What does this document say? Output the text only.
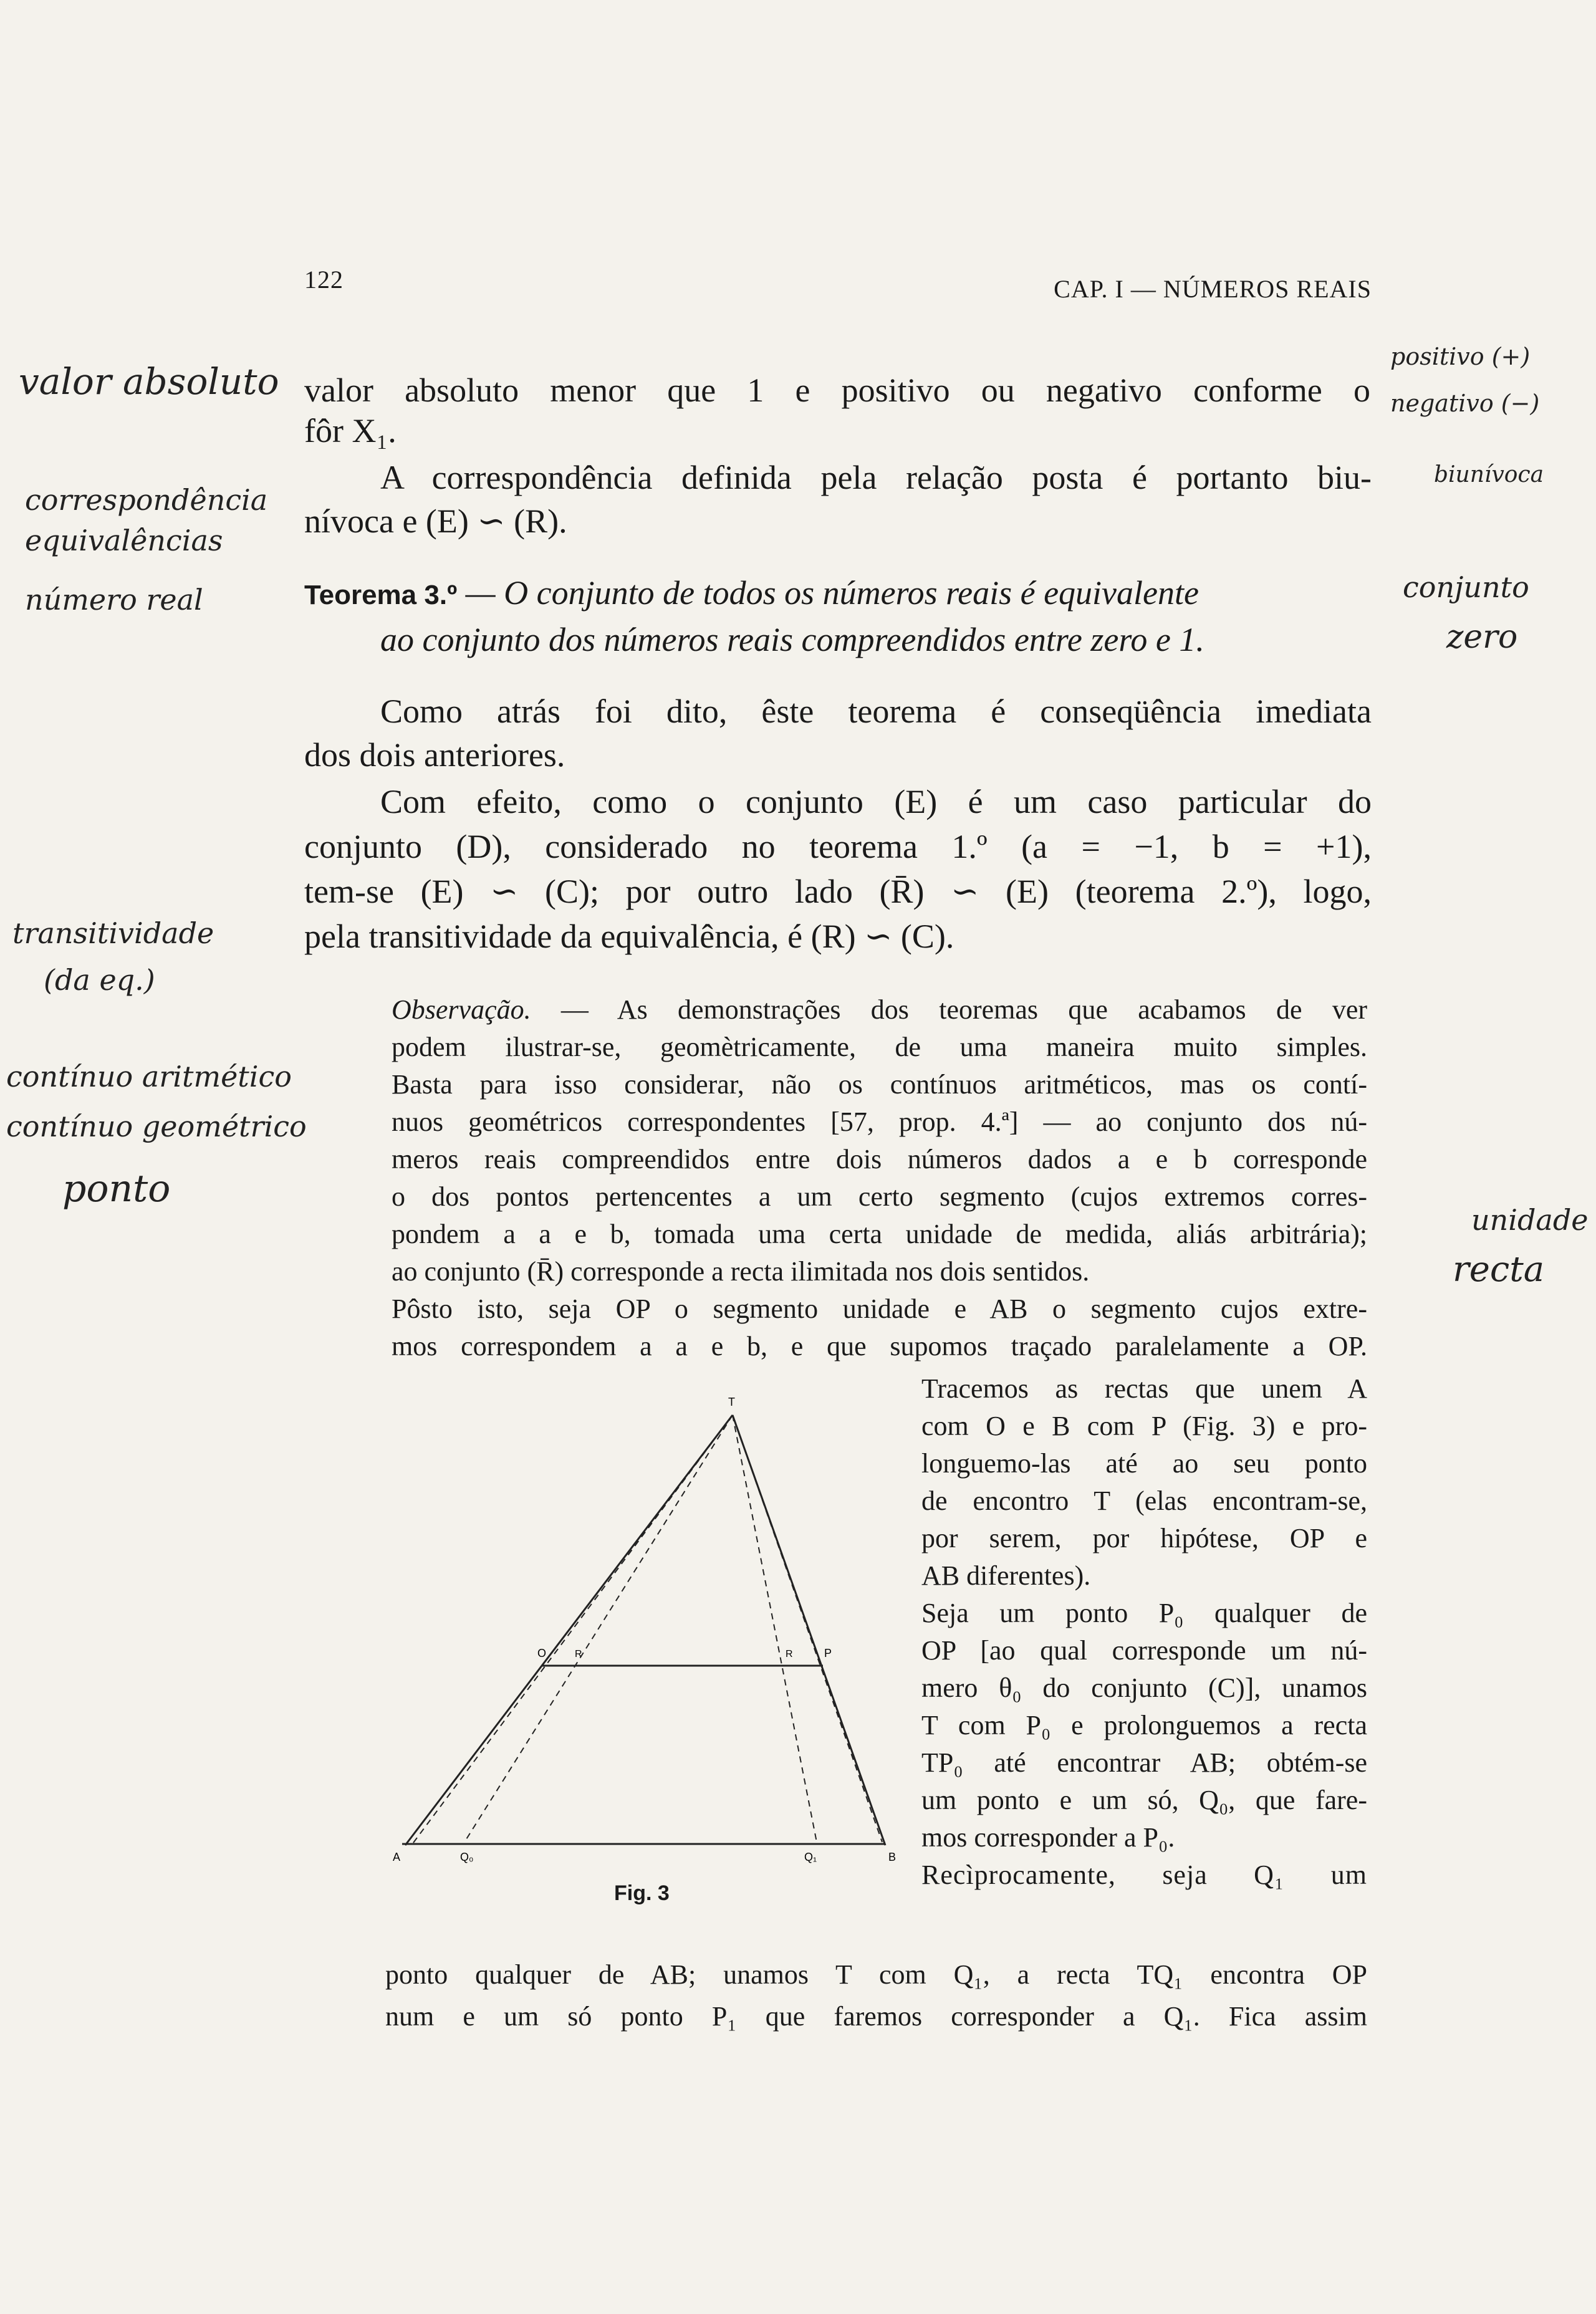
122	CAP. I — NÚMEROS REAIS
valor absoluto menor que 1 e positivo ou negativo conforme o
fôr X₁.
A correspondência definida pela relação posta é portanto biu-
nívoca e (E) ∽ (R).
Teorema 3.º — O conjunto de todos os números reais é equivalente
ao conjunto dos números reais compreendidos entre zero e 1.
Como atrás foi dito, êste teorema é conseqüência imediata
dos dois anteriores.
Com efeito, como o conjunto (E) é um caso particular do
conjunto (D), considerado no teorema 1.º (a = −1, b = +1),
tem-se (E) ∽ (C); por outro lado (R̄) ∽ (E) (teorema 2.º), logo,
pela transitividade da equivalência, é (R) ∽ (C).
Observação. — As demonstrações dos teoremas que acabamos de ver
podem ilustrar-se, geomètricamente, de uma maneira muito simples.
Basta para isso considerar, não os contínuos aritméticos, mas os contí-
nuos geométricos correspondentes [57, prop. 4.ª] — ao conjunto dos nú-
meros reais compreendidos entre dois números dados a e b corresponde
o dos pontos pertencentes a um certo segmento (cujos extremos corres-
pondem a a e b, tomada uma certa unidade de medida, aliás arbitrária);
ao conjunto (R̄) corresponde a recta ilimitada nos dois sentidos.
Pôsto isto, seja OP o segmento unidade e AB o segmento cujos extre-
mos correspondem a a e b, e que supomos traçado paralelamente a OP.
Tracemos as rectas que unem A
com O e B com P (Fig. 3) e pro-
longuemo-las até ao seu ponto
de encontro T (elas encontram-se,
por serem, por hipótese, OP e
AB diferentes).
Seja um ponto P₀ qualquer de
OP [ao qual corresponde um nú-
mero θ₀ do conjunto (C)], unamos
T com P₀ e prolonguemos a recta
TP₀ até encontrar AB; obtém-se
um ponto e um só, Q₀, que fare-
mos corresponder a P₀.
Recìprocamente, seja Q₁ um
ponto qualquer de AB; unamos T com Q₁, a recta TQ₁ encontra OP
num e um só ponto P₁ que faremos corresponder a Q₁. Fica assim
T
O	R	R	P
A	Q₀	Q₁	B
Fig. 3
valor absoluto
correspondência
equivalências
número real
transitividade
(da eq.)
contínuo aritmético
contínuo geométrico
ponto
positivo (+)
negativo (−)
biunívoca
conjunto
zero
unidade
recta
